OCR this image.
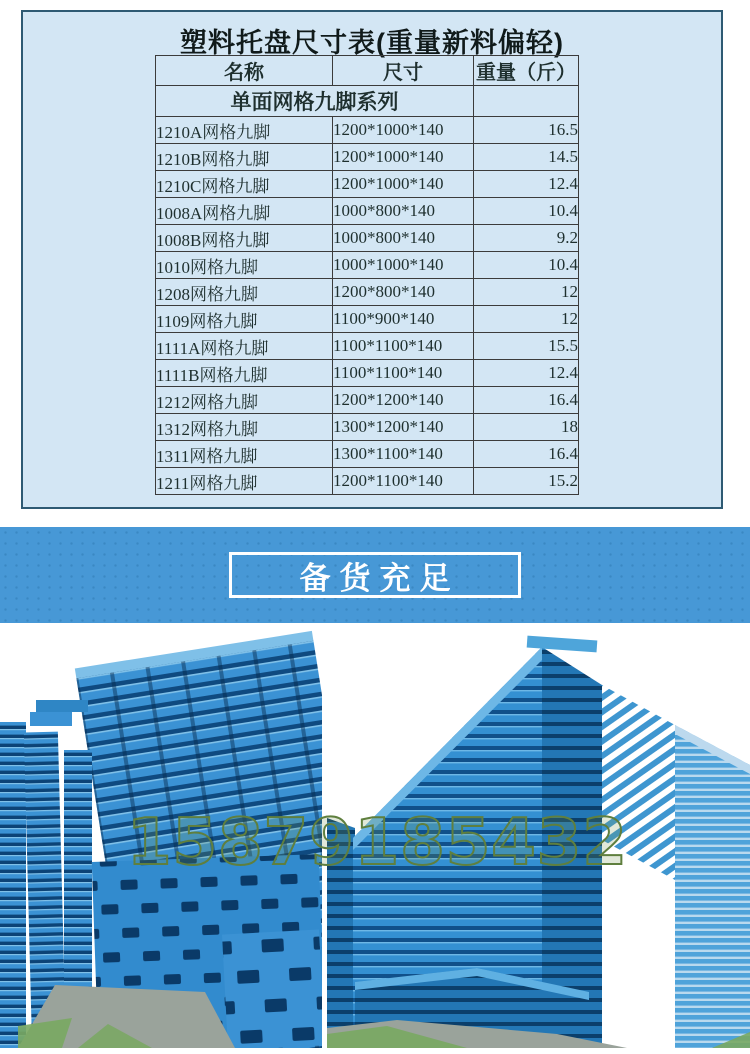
塑料托盘尺寸表(重量新料偏轻)
名称	尺寸	重量（斤）
单面网格九脚系列		
1210A网格九脚	1200*1000*140	16.5
1210B网格九脚	1200*1000*140	14.5
1210C网格九脚	1200*1000*140	12.4
1008A网格九脚	1000*800*140	10.4
1008B网格九脚	1000*800*140	9.2
1010网格九脚	1000*1000*140	10.4
1208网格九脚	1200*800*140	12
1109网格九脚	1100*900*140	12
1111A网格九脚	1100*1100*140	15.5
1111B网格九脚	1100*1100*140	12.4
1212网格九脚	1200*1200*140	16.4
1312网格九脚	1300*1200*140	18
1311网格九脚	1300*1100*140	16.4
1211网格九脚	1200*1100*140	15.2
备货充足
15879185432
